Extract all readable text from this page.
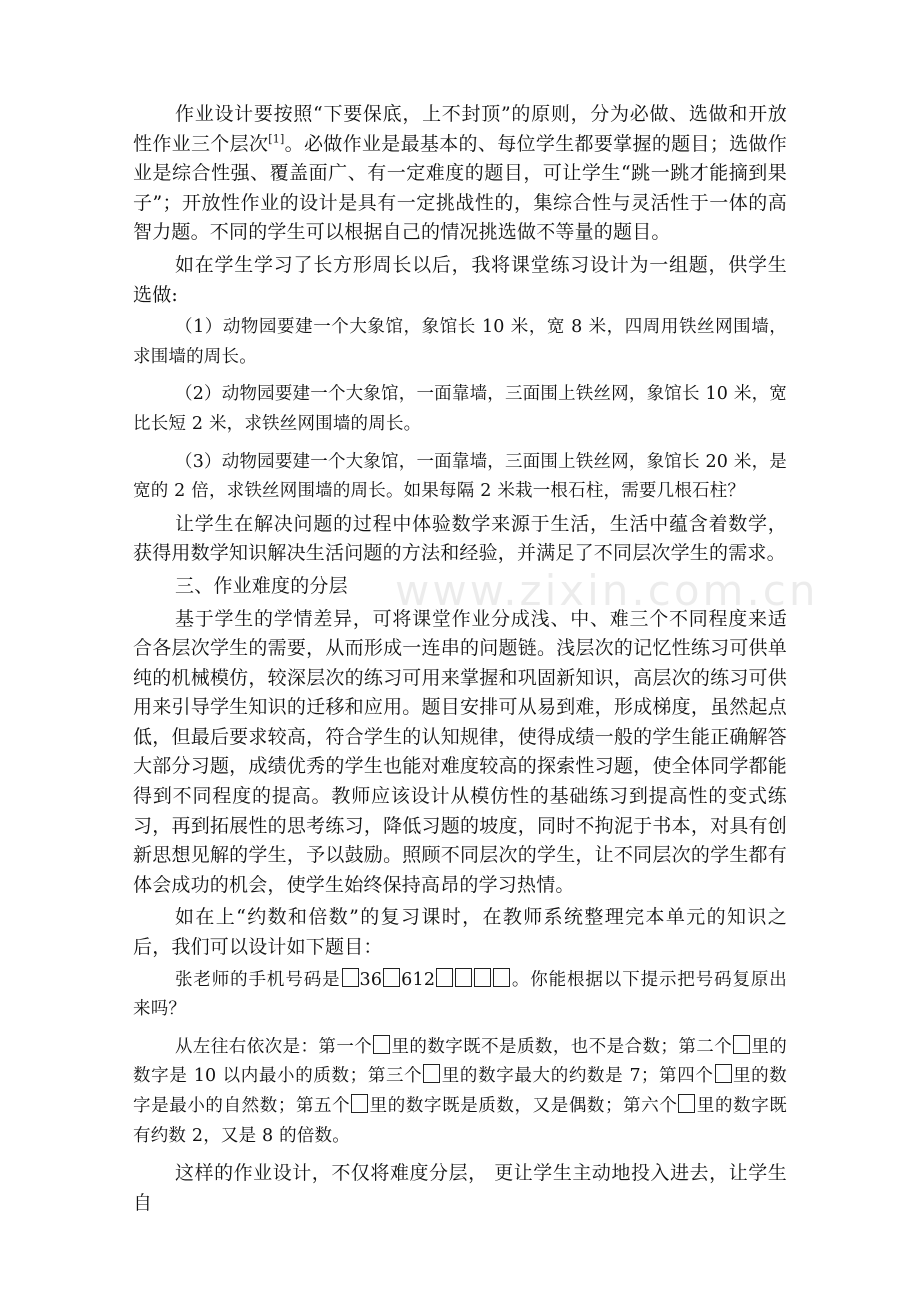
www.zixin.com.cn

作业设计要按照“下要保底，上不封顶”的原则，分为必做、选做和开放性作业三个层次[1]。必做作业是最基本的、每位学生都要掌握的题目；选做作业是综合性强、覆盖面广、有一定难度的题目，可让学生“跳一跳才能摘到果子”；开放性作业的设计是具有一定挑战性的，集综合性与灵活性于一体的高智力题。不同的学生可以根据自己的情况挑选做不等量的题目。

如在学生学习了长方形周长以后，我将课堂练习设计为一组题，供学生选做:

（1）动物园要建一个大象馆，象馆长 10 米，宽 8 米，四周用铁丝网围墙，求围墙的周长。

（2）动物园要建一个大象馆，一面靠墙，三面围上铁丝网，象馆长 10 米，宽比长短 2 米，求铁丝网围墙的周长。

（3）动物园要建一个大象馆，一面靠墙，三面围上铁丝网，象馆长 20 米，是宽的 2 倍，求铁丝网围墙的周长。如果每隔 2 米栽一根石柱，需要几根石柱？

让学生在解决问题的过程中体验数学来源于生活，生活中蕴含着数学，获得用数学知识解决生活问题的方法和经验，并满足了不同层次学生的需求。

三、作业难度的分层

基于学生的学情差异，可将课堂作业分成浅、中、难三个不同程度来适合各层次学生的需要，从而形成一连串的问题链。浅层次的记忆性练习可供单纯的机械模仿，较深层次的练习可用来掌握和巩固新知识，高层次的练习可供用来引导学生知识的迁移和应用。题目安排可从易到难，形成梯度，虽然起点低，但最后要求较高，符合学生的认知规律，使得成绩一般的学生能正确解答大部分习题，成绩优秀的学生也能对难度较高的探索性习题，使全体同学都能得到不同程度的提高。教师应该设计从模仿性的基础练习到提高性的变式练习，再到拓展性的思考练习，降低习题的坡度，同时不拘泥于书本，对具有创新思想见解的学生，予以鼓励。照顾不同层次的学生，让不同层次的学生都有体会成功的机会，使学生始终保持高昂的学习热情。

如在上“约数和倍数”的复习课时，在教师系统整理完本单元的知识之后，我们可以设计如下题目：

张老师的手机号码是 36 612	。你能根据以下提示把号码复原出来吗？

从左往右依次是：第一个 里的数字既不是质数，也不是合数；第二个 里的数字是 10 以内最小的质数；第三个 里的数字最大的约数是 7；第四个 里的数字是最小的自然数；第五个 里的数字既是质数，又是偶数；第六个 里的数字既有约数 2，又是 8 的倍数。

这样的作业设计，不仅将难度分层， 更让学生主动地投入进去，让学生自
